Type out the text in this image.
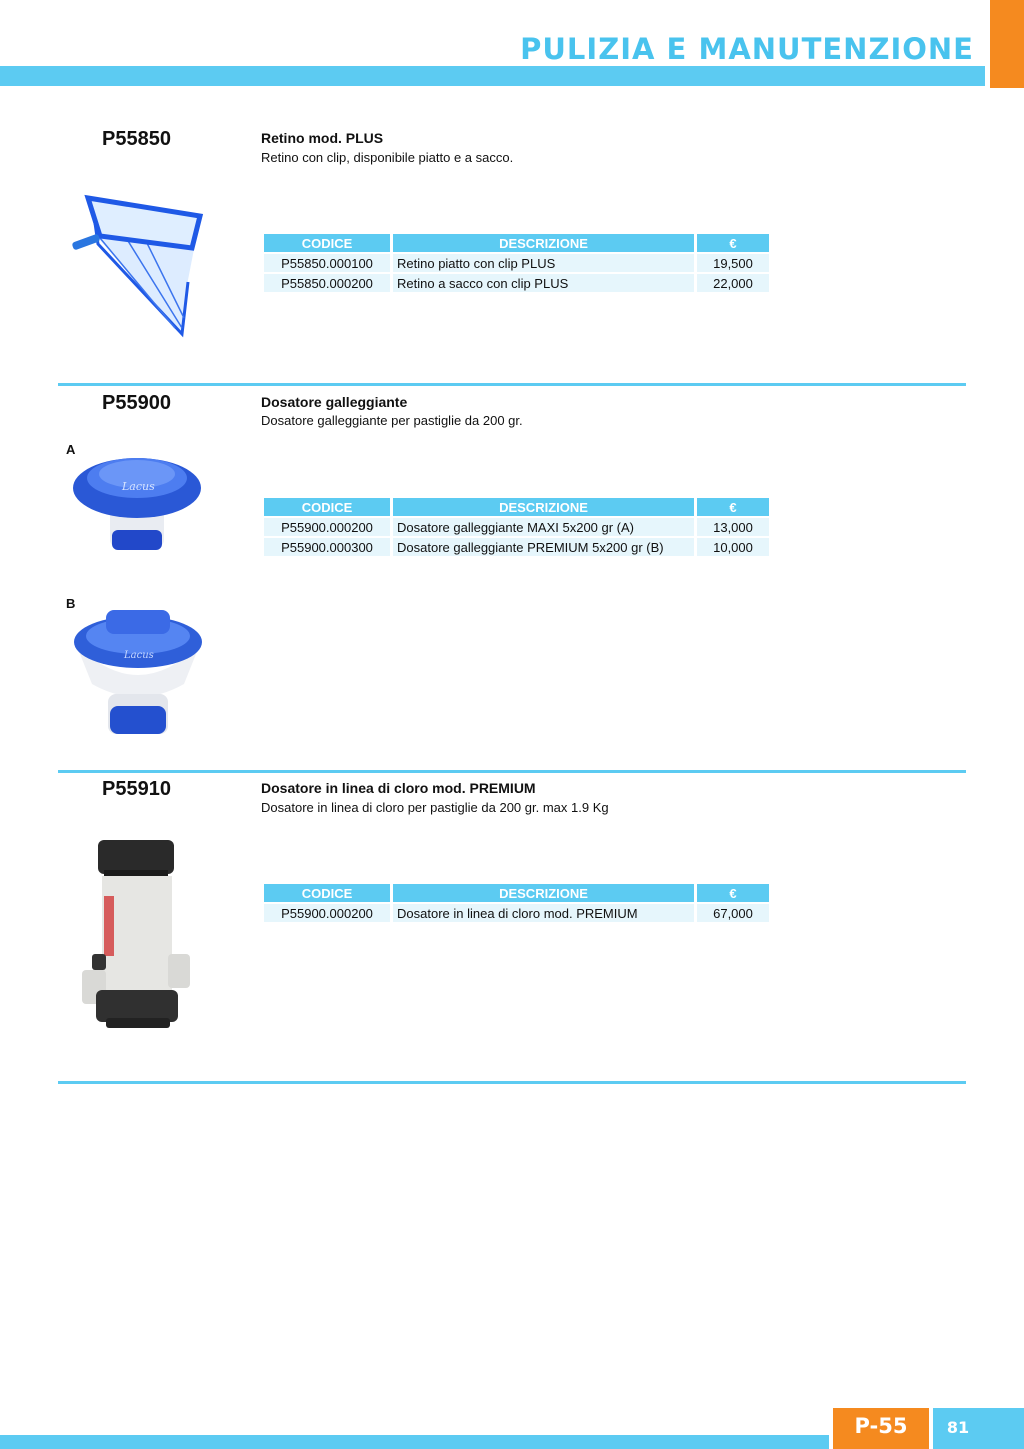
PULIZIA E MANUTENZIONE
P55850	Retino mod. PLUS
Retino con clip, disponibile piatto e a sacco.
CODICE	DESCRIZIONE	€
P55850.000100	Retino piatto con clip PLUS	19,500
P55850.000200	Retino a sacco con clip PLUS	22,000
P55900	Dosatore galleggiante
Dosatore galleggiante per pastiglie da 200 gr.
A
Lacus
CODICE	DESCRIZIONE	€
P55900.000200	Dosatore galleggiante MAXI 5x200 gr (A)	13,000
P55900.000300	Dosatore galleggiante PREMIUM 5x200 gr (B)	10,000
B
Lacus
P55910	Dosatore in linea di cloro mod. PREMIUM
Dosatore in linea di cloro per pastiglie da 200 gr. max 1.9 Kg
CODICE	DESCRIZIONE	€
P55900.000200	Dosatore in linea di cloro mod. PREMIUM	67,000
P-55	81
